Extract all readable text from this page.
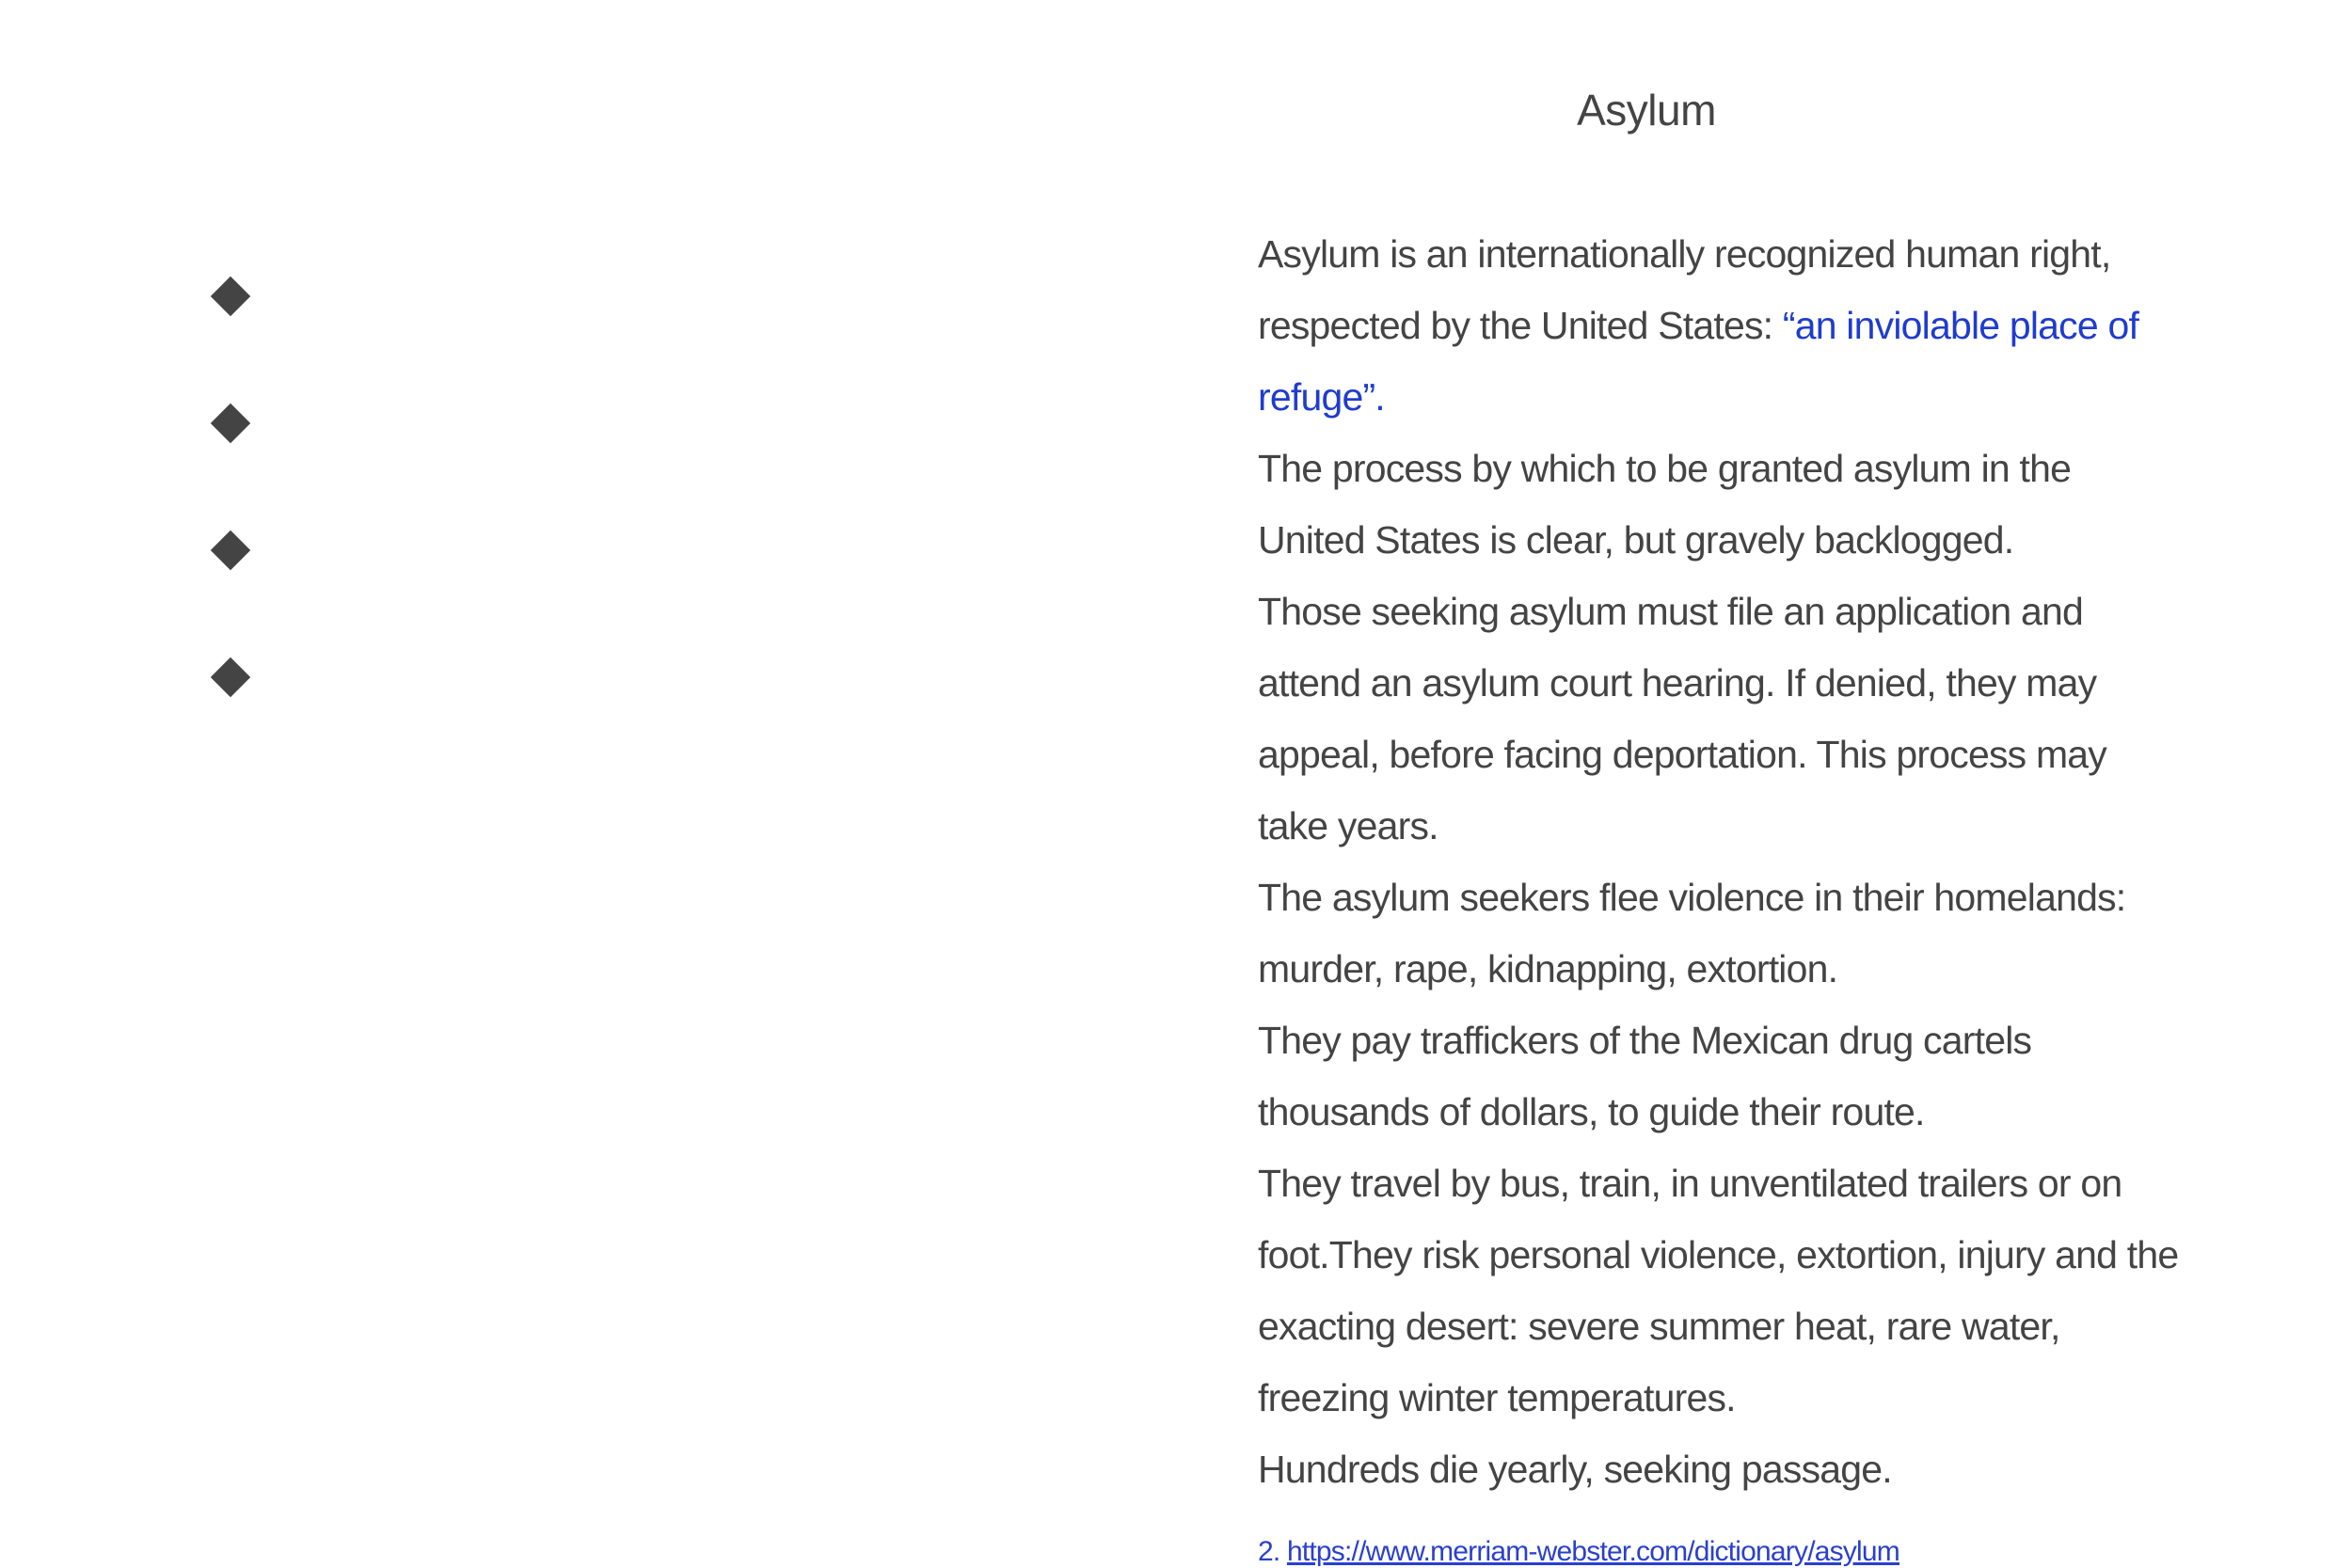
Asylum

Asylum is an internationally recognized human right, respected by the United States: “an inviolable place of refuge”.

The process by which to be granted asylum in the United States is clear, but gravely backlogged.

Those seeking asylum must file an application and attend an asylum court hearing. If denied, they may appeal, before facing deportation. This process may take years.

The asylum seekers flee violence in their homelands: murder, rape, kidnapping, extortion.

They pay traffickers of the Mexican drug cartels thousands of dollars, to guide their route.

They travel by bus, train, in unventilated trailers or on foot.They risk personal violence, extortion, injury and the exacting desert: severe summer heat, rare water, freezing winter temperatures.

Hundreds die yearly, seeking passage.

2. https://www.merriam-webster.com/dictionary/asylum
